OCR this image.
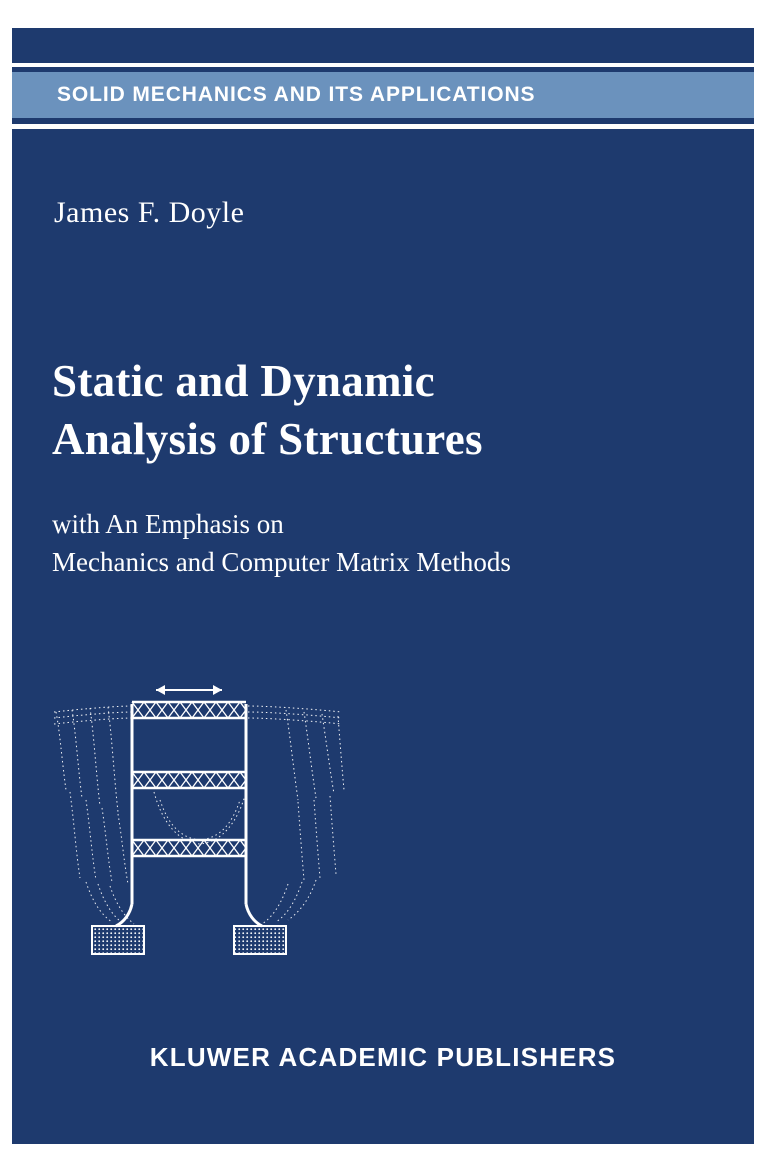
SOLID MECHANICS AND ITS APPLICATIONS
James F. Doyle
Static and Dynamic
Analysis of Structures
with An Emphasis on
Mechanics and Computer Matrix Methods
KLUWER ACADEMIC PUBLISHERS
